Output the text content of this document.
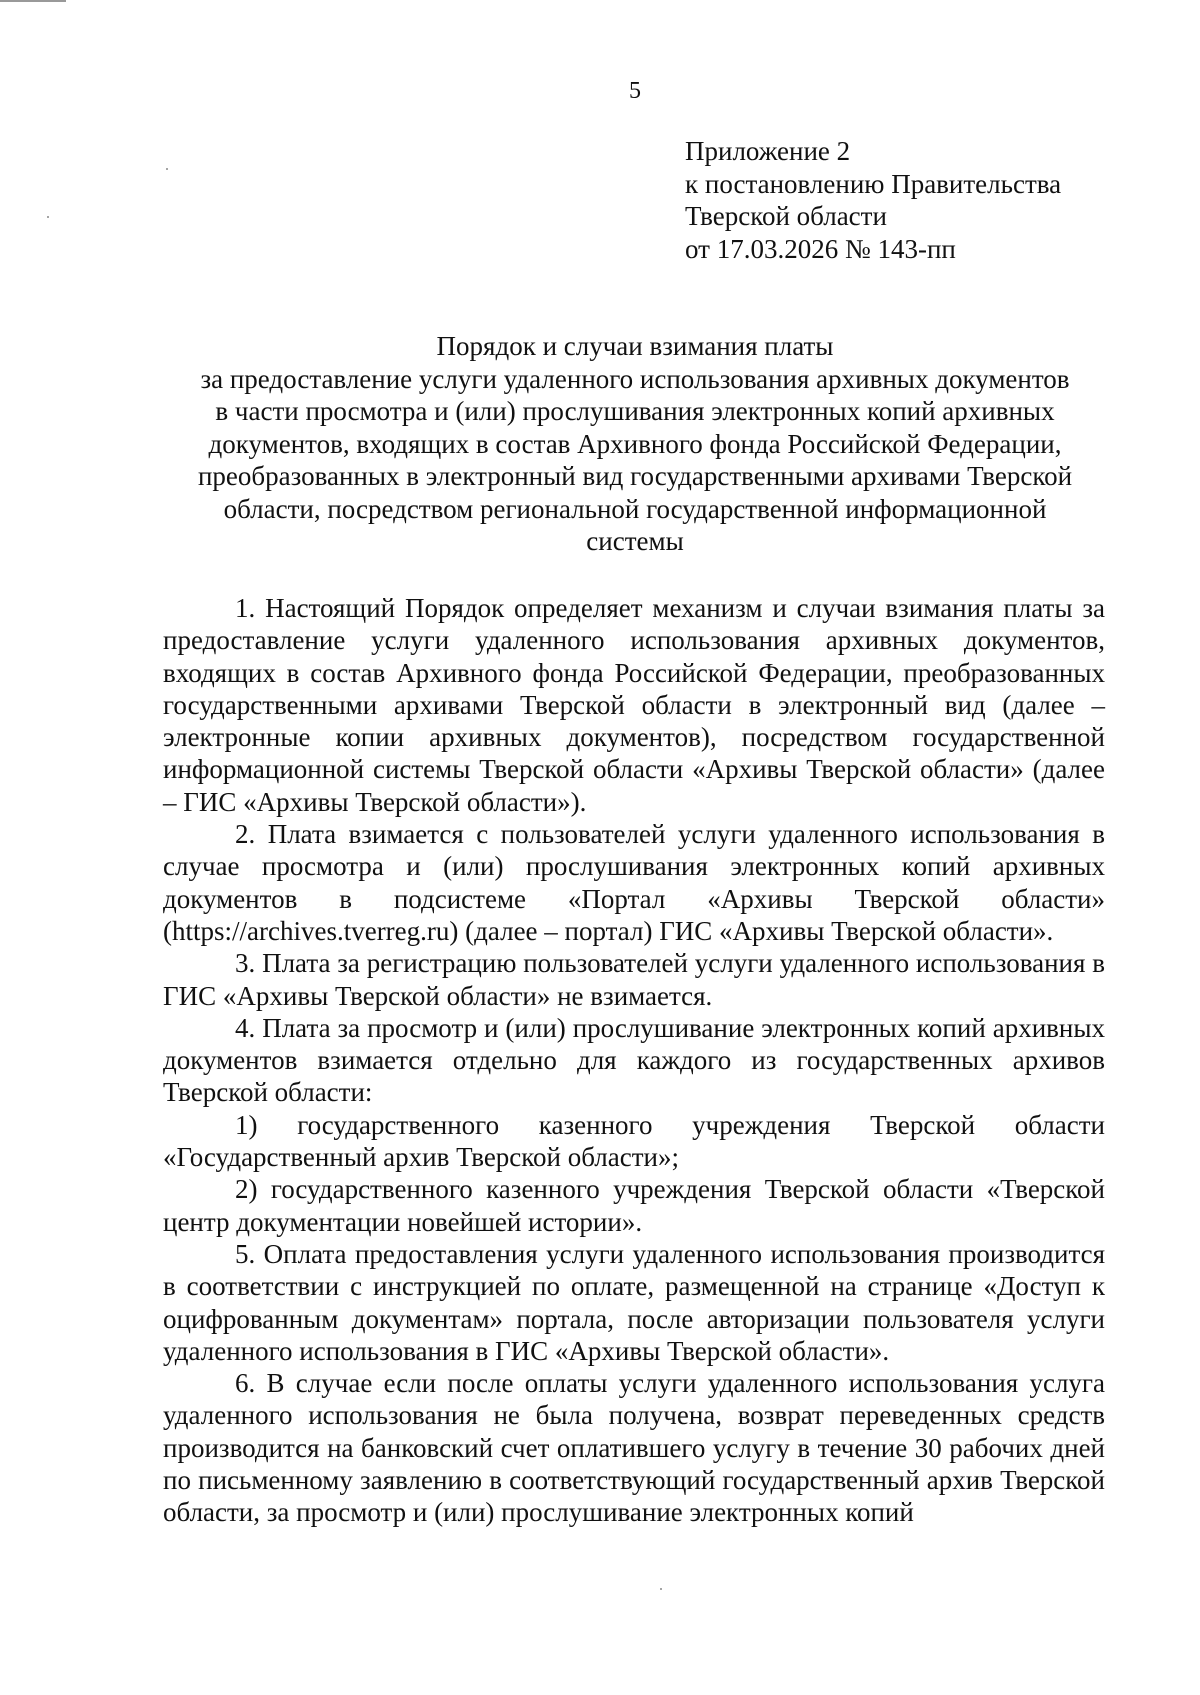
5
Приложение 2
к постановлению Правительства
Тверской области
от 17.03.2026 № 143-пп
Порядок и случаи взимания платы
за предоставление услуги удаленного использования архивных документов
в части просмотра и (или) прослушивания электронных копий архивных
документов, входящих в состав Архивного фонда Российской Федерации,
преобразованных в электронный вид государственными архивами Тверской
области, посредством региональной государственной информационной
системы

1. Настоящий Порядок определяет механизм и случаи взимания платы за предоставление услуги удаленного использования архивных документов, входящих в состав Архивного фонда Российской Федерации, преобразованных государственными архивами Тверской области в электронный вид (далее – электронные копии архивных документов), посредством государственной информационной системы Тверской области «Архивы Тверской области» (далее – ГИС «Архивы Тверской области»).

2. Плата взимается с пользователей услуги удаленного использования в случае просмотра и (или) прослушивания электронных копий архивных документов в подсистеме «Портал «Архивы Тверской области» (https://archives.tverreg.ru) (далее – портал) ГИС «Архивы Тверской области».

3. Плата за регистрацию пользователей услуги удаленного использования в ГИС «Архивы Тверской области» не взимается.

4. Плата за просмотр и (или) прослушивание электронных копий архивных документов взимается отдельно для каждого из государственных архивов Тверской области:

1) государственного казенного учреждения Тверской области «Государственный архив Тверской области»;

2) государственного казенного учреждения Тверской области «Тверской центр документации новейшей истории».

5. Оплата предоставления услуги удаленного использования производится в соответствии с инструкцией по оплате, размещенной на странице «Доступ к оцифрованным документам» портала, после авторизации пользователя услуги удаленного использования в ГИС «Архивы Тверской области».

6. В случае если после оплаты услуги удаленного использования услуга удаленного использования не была получена, возврат переведенных средств производится на банковский счет оплатившего услугу в течение 30 рабочих дней по письменному заявлению в соответствующий государственный архив Тверской области, за просмотр и (или) прослушивание электронных копий
